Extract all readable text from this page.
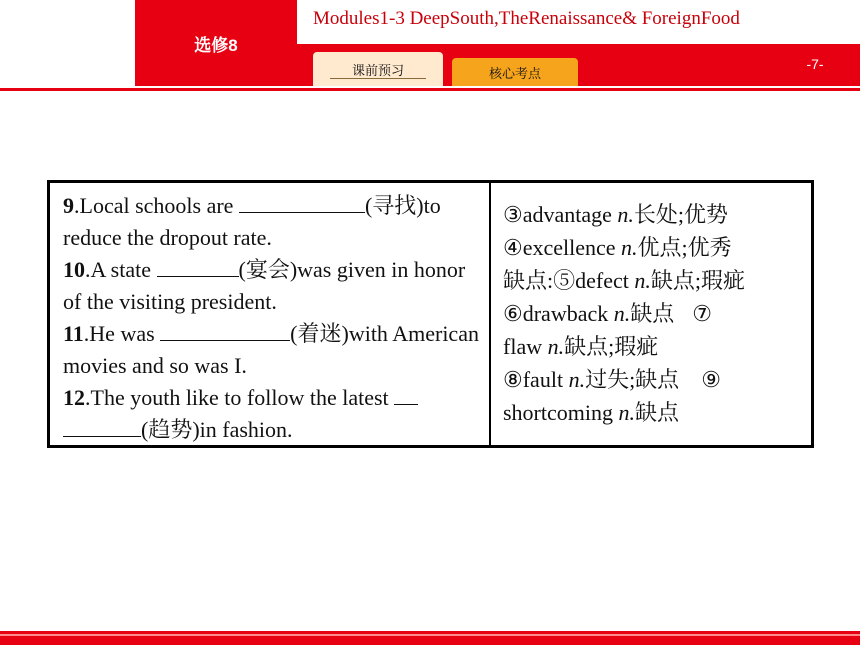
选修8
Modules1-3 DeepSouth,TheRenaissance& ForeignFood
课前预习	核心考点
-7-

9.Local schools are	(寻找)to reduce the dropout rate.

10.A state	(宴会)was given in honor of the visiting president.

11.He was	(着迷)with American movies and so was I.

12.The youth like to follow the latest (趋势)in fashion.

③advantage n.长处;优势
④excellence n.优点;优秀
缺点:⑤defect n.缺点;瑕疵
⑥drawback n.缺点 ⑦
flaw n.缺点;瑕疵
⑧fault n.过失;缺点 ⑨
shortcoming n.缺点
